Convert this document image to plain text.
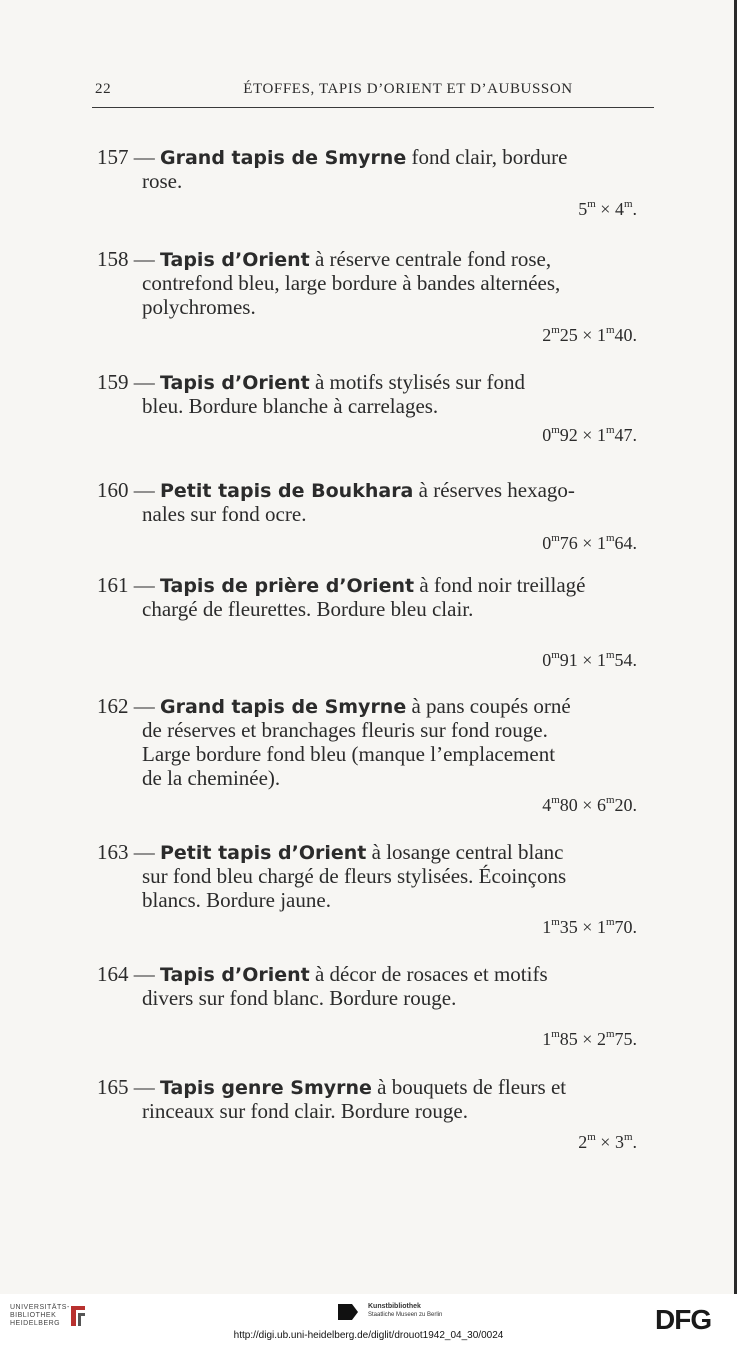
22	ÉTOFFES, TAPIS D’ORIENT ET D’AUBUSSON
157 — Grand tapis de Smyrne fond clair, bordure
rose.
$5^m \times 4^m$.
158 — Tapis d’Orient à réserve centrale fond rose,
contrefond bleu, large bordure à bandes alternées,
polychromes.
$2^m25 \times 1^m40$.
159 — Tapis d’Orient à motifs stylisés sur fond
bleu. Bordure blanche à carrelages.
$0^m92 \times 1^m47$.
160 — Petit tapis de Boukhara à réserves hexago-
nales sur fond ocre.
$0^m76 \times 1^m64$.
161 — Tapis de prière d’Orient à fond noir treillagé
chargé de fleurettes. Bordure bleu clair.
$0^m91 \times 1^m54$.
162 — Grand tapis de Smyrne à pans coupés orné
de réserves et branchages fleuris sur fond rouge.
Large bordure fond bleu (manque l’emplacement
de la cheminée).
$4^m80 \times 6^m20$.
163 — Petit tapis d’Orient à losange central blanc
sur fond bleu chargé de fleurs stylisées. Écoinçons
blancs. Bordure jaune.
$1^m35 \times 1^m70$.
164 — Tapis d’Orient à décor de rosaces et motifs
divers sur fond blanc. Bordure rouge.
$1^m85 \times 2^m75$.
165 — Tapis genre Smyrne à bouquets de fleurs et
rinceaux sur fond clair. Bordure rouge.
$2^m \times 3^m$.
UNIVERSITÄTS-
BIBLIOTHEK
HEIDELBERG
Kunstbibliothek
Staatliche Museen zu Berlin	DFG
http://digi.ub.uni-heidelberg.de/diglit/drouot1942_04_30/0024
